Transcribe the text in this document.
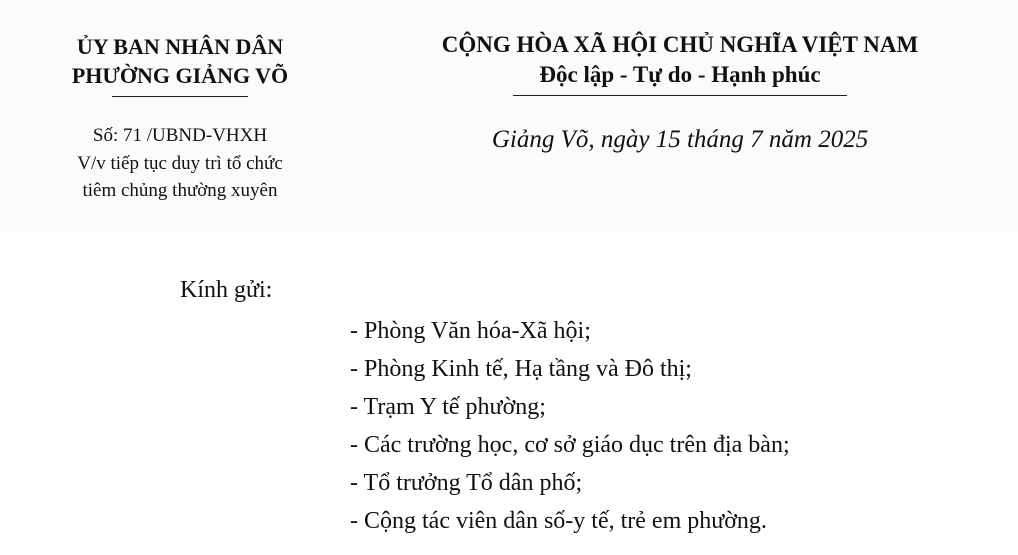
ỦY BAN NHÂN DÂN

PHƯỜNG GIẢNG VÕ

Số: 71 /UBND-VHXH
V/v tiếp tục duy trì tổ chức
tiêm chủng thường xuyên
CỘNG HÒA XÃ HỘI CHỦ NGHĨA VIỆT NAM
Độc lập - Tự do - Hạnh phúc
Giảng Võ, ngày 15 tháng 7 năm 2025
Kính gửi:
- Phòng Văn hóa-Xã hội;
- Phòng Kinh tế, Hạ tầng và Đô thị;
- Trạm Y tế phường;
- Các trường học, cơ sở giáo dục trên địa bàn;
- Tổ trưởng Tổ dân phố;
- Cộng tác viên dân số-y tế, trẻ em phường.
